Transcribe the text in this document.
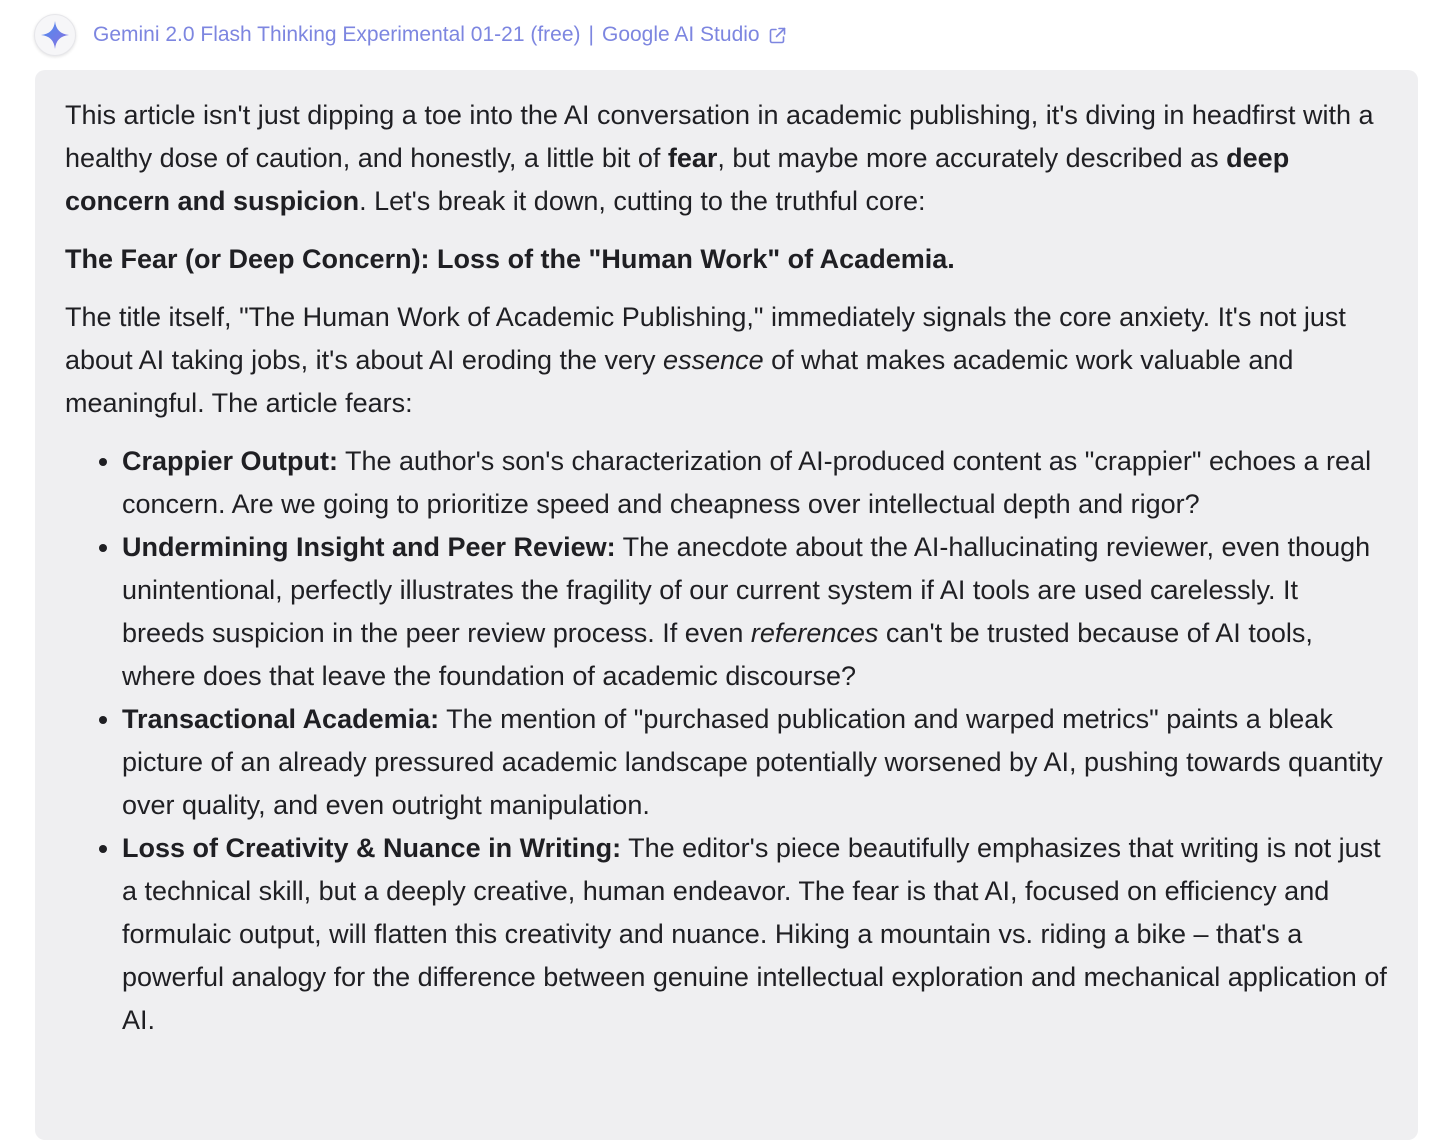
Gemini 2.0 Flash Thinking Experimental 01-21 (free) | Google AI Studio

This article isn't just dipping a toe into the AI conversation in academic publishing, it's diving in headfirst with a healthy dose of caution, and honestly, a little bit of fear, but maybe more accurately described as deep concern and suspicion. Let's break it down, cutting to the truthful core:

The Fear (or Deep Concern): Loss of the "Human Work" of Academia.

The title itself, "The Human Work of Academic Publishing," immediately signals the core anxiety. It's not just about AI taking jobs, it's about AI eroding the very essence of what makes academic work valuable and meaningful. The article fears:

• Crappier Output: The author's son's characterization of AI-produced content as "crappier" echoes a real concern. Are we going to prioritize speed and cheapness over intellectual depth and rigor?
• Undermining Insight and Peer Review: The anecdote about the AI-hallucinating reviewer, even though unintentional, perfectly illustrates the fragility of our current system if AI tools are used carelessly. It breeds suspicion in the peer review process. If even references can't be trusted because of AI tools, where does that leave the foundation of academic discourse?
• Transactional Academia: The mention of "purchased publication and warped metrics" paints a bleak picture of an already pressured academic landscape potentially worsened by AI, pushing towards quantity over quality, and even outright manipulation.
• Loss of Creativity & Nuance in Writing: The editor's piece beautifully emphasizes that writing is not just a technical skill, but a deeply creative, human endeavor. The fear is that AI, focused on efficiency and formulaic output, will flatten this creativity and nuance. Hiking a mountain vs. riding a bike – that's a powerful analogy for the difference between genuine intellectual exploration and mechanical application of AI.
